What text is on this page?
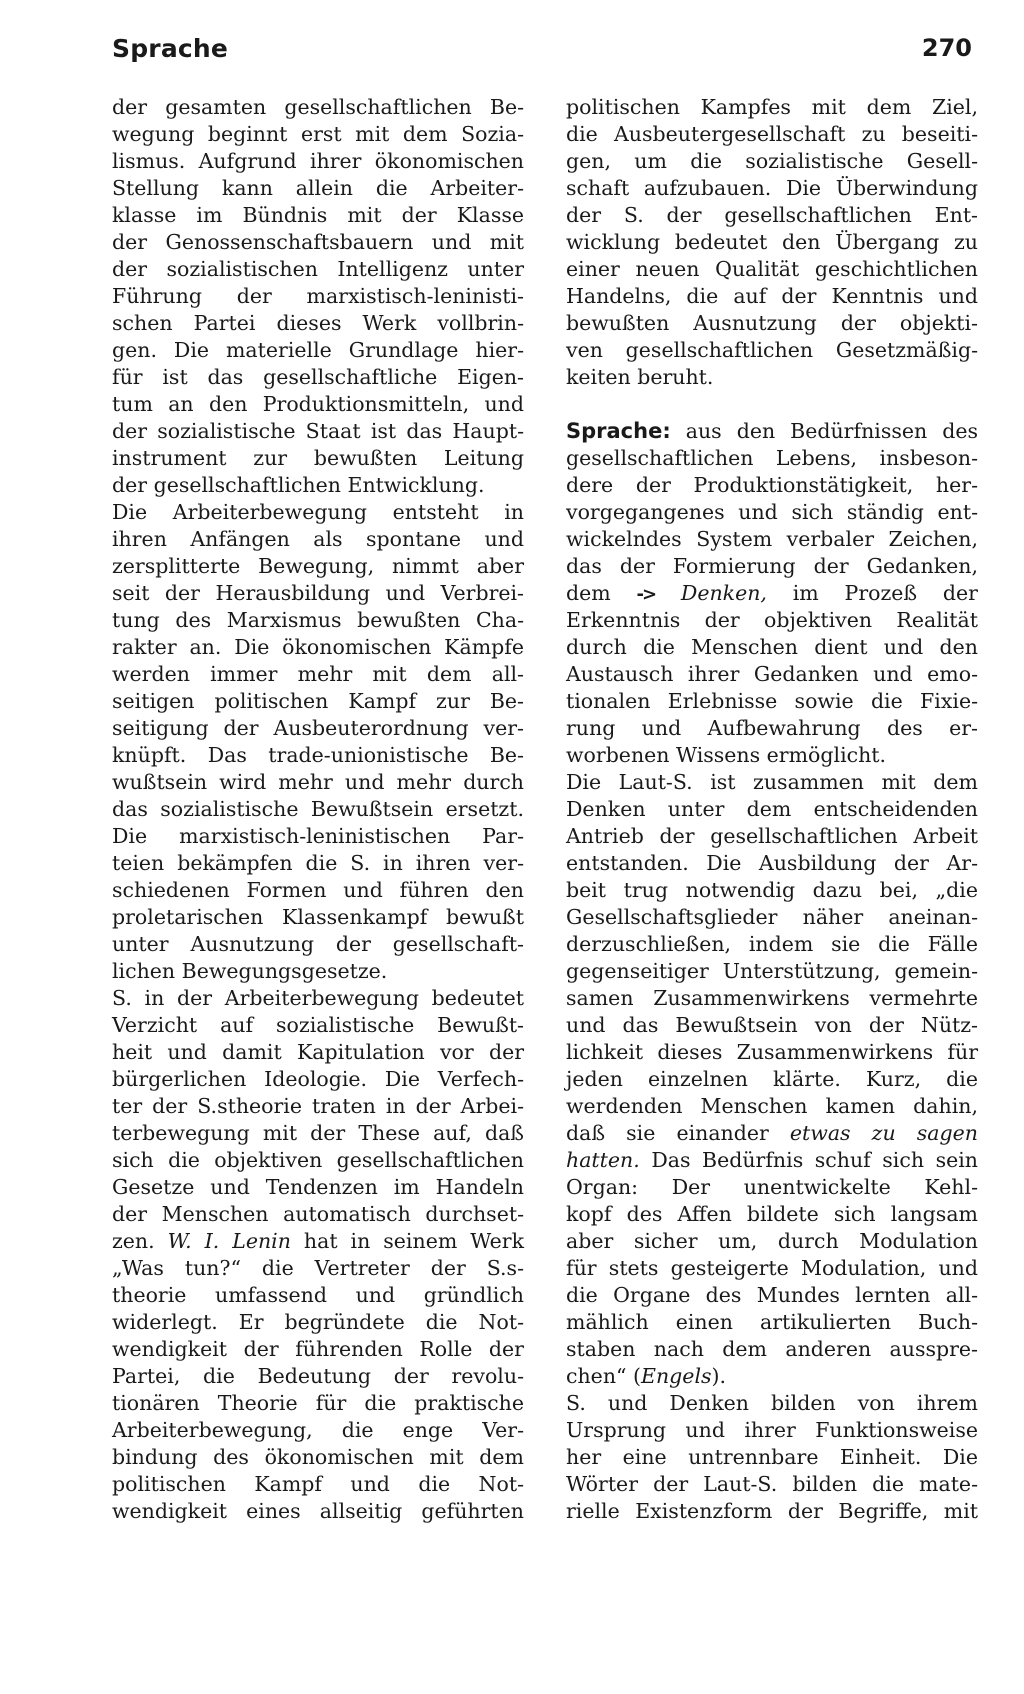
Sprache	270
der gesamten gesellschaftlichen Be-
wegung beginnt erst mit dem Sozia-
lismus. Aufgrund ihrer ökonomischen
Stellung kann allein die Arbeiter-
klasse im Bündnis mit der Klasse
der Genossenschaftsbauern und mit
der sozialistischen Intelligenz unter
Führung der marxistisch-leninisti-
schen Partei dieses Werk vollbrin-
gen. Die materielle Grundlage hier-
für ist das gesellschaftliche Eigen-
tum an den Produktionsmitteln, und
der sozialistische Staat ist das Haupt-
instrument zur bewußten Leitung
der gesellschaftlichen Entwicklung.
Die Arbeiterbewegung entsteht in
ihren Anfängen als spontane und
zersplitterte Bewegung, nimmt aber
seit der Herausbildung und Verbrei-
tung des Marxismus bewußten Cha-
rakter an. Die ökonomischen Kämpfe
werden immer mehr mit dem all-
seitigen politischen Kampf zur Be-
seitigung der Ausbeuterordnung ver-
knüpft. Das trade-unionistische Be-
wußtsein wird mehr und mehr durch
das sozialistische Bewußtsein ersetzt.
Die marxistisch-leninistischen Par-
teien bekämpfen die S. in ihren ver-
schiedenen Formen und führen den
proletarischen Klassenkampf bewußt
unter Ausnutzung der gesellschaft-
lichen Bewegungsgesetze.
S. in der Arbeiterbewegung bedeutet
Verzicht auf sozialistische Bewußt-
heit und damit Kapitulation vor der
bürgerlichen Ideologie. Die Verfech-
ter der S.stheorie traten in der Arbei-
terbewegung mit der These auf, daß
sich die objektiven gesellschaftlichen
Gesetze und Tendenzen im Handeln
der Menschen automatisch durchset-
zen. W. I. Lenin hat in seinem Werk
„Was tun?“ die Vertreter der S.s-
theorie umfassend und gründlich
widerlegt. Er begründete die Not-
wendigkeit der führenden Rolle der
Partei, die Bedeutung der revolu-
tionären Theorie für die praktische
Arbeiterbewegung, die enge Ver-
bindung des ökonomischen mit dem
politischen Kampf und die Not-
wendigkeit eines allseitig geführten
politischen Kampfes mit dem Ziel,
die Ausbeutergesellschaft zu beseiti-
gen, um die sozialistische Gesell-
schaft aufzubauen. Die Überwindung
der S. der gesellschaftlichen Ent-
wicklung bedeutet den Übergang zu
einer neuen Qualität geschichtlichen
Handelns, die auf der Kenntnis und
bewußten Ausnutzung der objekti-
ven gesellschaftlichen Gesetzmäßig-
keiten beruht.
Sprache: aus den Bedürfnissen des
gesellschaftlichen Lebens, insbeson-
dere der Produktionstätigkeit, her-
vorgegangenes und sich ständig ent-
wickelndes System verbaler Zeichen,
das der Formierung der Gedanken,
dem -> Denken, im Prozeß der
Erkenntnis der objektiven Realität
durch die Menschen dient und den
Austausch ihrer Gedanken und emo-
tionalen Erlebnisse sowie die Fixie-
rung und Aufbewahrung des er-
worbenen Wissens ermöglicht.
Die Laut-S. ist zusammen mit dem
Denken unter dem entscheidenden
Antrieb der gesellschaftlichen Arbeit
entstanden. Die Ausbildung der Ar-
beit trug notwendig dazu bei, „die
Gesellschaftsglieder näher aneinan-
derzuschließen, indem sie die Fälle
gegenseitiger Unterstützung, gemein-
samen Zusammenwirkens vermehrte
und das Bewußtsein von der Nütz-
lichkeit dieses Zusammenwirkens für
jeden einzelnen klärte. Kurz, die
werdenden Menschen kamen dahin,
daß sie einander etwas zu sagen
hatten. Das Bedürfnis schuf sich sein
Organ: Der unentwickelte Kehl-
kopf des Affen bildete sich langsam
aber sicher um, durch Modulation
für stets gesteigerte Modulation, und
die Organe des Mundes lernten all-
mählich einen artikulierten Buch-
staben nach dem anderen ausspre-
chen“ (Engels).
S. und Denken bilden von ihrem
Ursprung und ihrer Funktionsweise
her eine untrennbare Einheit. Die
Wörter der Laut-S. bilden die mate-
rielle Existenzform der Begriffe, mit
